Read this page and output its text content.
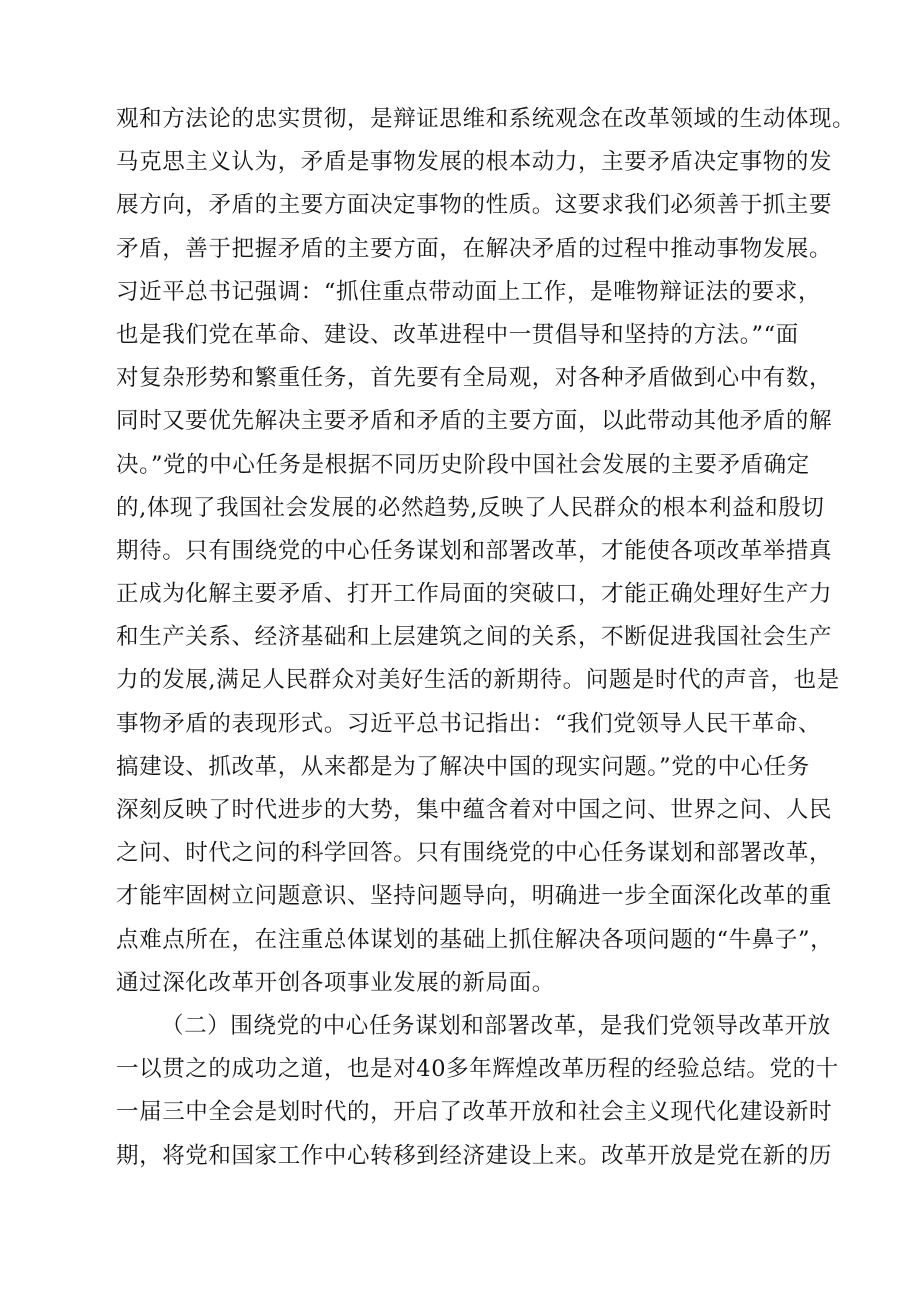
观和方法论的忠实贯彻，是辩证思维和系统观念在改革领域的生动体现。
马克思主义认为，矛盾是事物发展的根本动力，主要矛盾决定事物的发
展方向，矛盾的主要方面决定事物的性质。这要求我们必须善于抓主要
矛盾，善于把握矛盾的主要方面，在解决矛盾的过程中推动事物发展。
习近平总书记强调：“抓住重点带动面上工作，是唯物辩证法的要求，
也是我们党在革命、建设、改革进程中一贯倡导和坚持的方法。”“面
对复杂形势和繁重任务，首先要有全局观，对各种矛盾做到心中有数，
同时又要优先解决主要矛盾和矛盾的主要方面，以此带动其他矛盾的解
决。”党的中心任务是根据不同历史阶段中国社会发展的主要矛盾确定
的,体现了我国社会发展的必然趋势,反映了人民群众的根本利益和殷切
期待。只有围绕党的中心任务谋划和部署改革，才能使各项改革举措真
正成为化解主要矛盾、打开工作局面的突破口，才能正确处理好生产力
和生产关系、经济基础和上层建筑之间的关系，不断促进我国社会生产
力的发展,满足人民群众对美好生活的新期待。问题是时代的声音，也是
事物矛盾的表现形式。习近平总书记指出：“我们党领导人民干革命、
搞建设、抓改革，从来都是为了解决中国的现实问题。”党的中心任务
深刻反映了时代进步的大势，集中蕴含着对中国之问、世界之问、人民
之问、时代之问的科学回答。只有围绕党的中心任务谋划和部署改革，
才能牢固树立问题意识、坚持问题导向，明确进一步全面深化改革的重
点难点所在，在注重总体谋划的基础上抓住解决各项问题的“牛鼻子”，
通过深化改革开创各项事业发展的新局面。
（二）围绕党的中心任务谋划和部署改革，是我们党领导改革开放
一以贯之的成功之道，也是对40多年辉煌改革历程的经验总结。党的十
一届三中全会是划时代的，开启了改革开放和社会主义现代化建设新时
期，将党和国家工作中心转移到经济建设上来。改革开放是党在新的历
